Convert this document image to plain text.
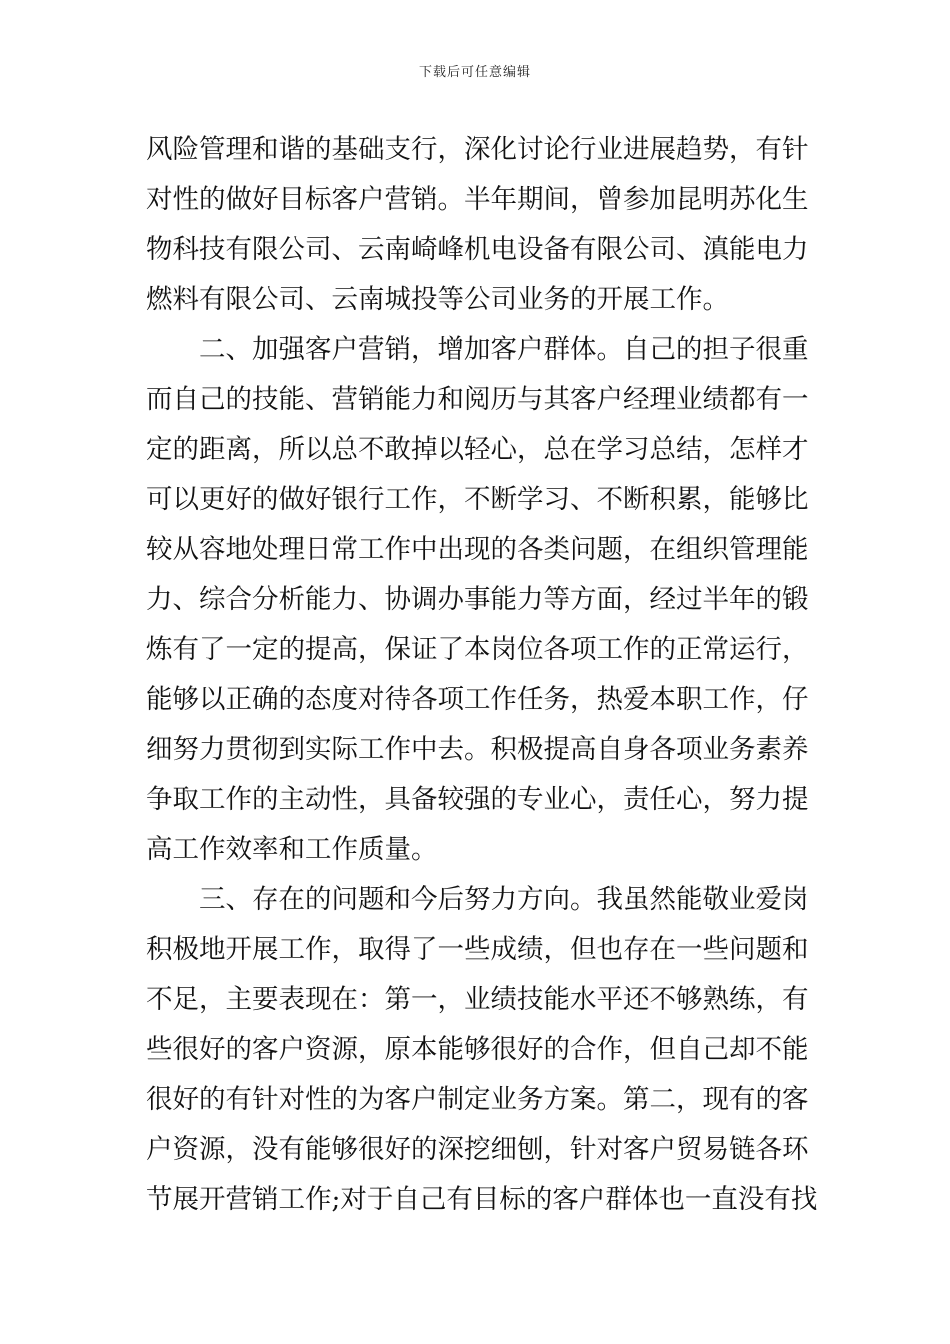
下载后可任意编辑
风险管理和谐的基础支行，深化讨论行业进展趋势，有针
对性的做好目标客户营销。半年期间，曾参加昆明苏化生
物科技有限公司、云南崎峰机电设备有限公司、滇能电力
燃料有限公司、云南城投等公司业务的开展工作。
二、加强客户营销，增加客户群体。自己的担子很重
而自己的技能、营销能力和阅历与其客户经理业绩都有一
定的距离，所以总不敢掉以轻心，总在学习总结，怎样才
可以更好的做好银行工作，不断学习、不断积累，能够比
较从容地处理日常工作中出现的各类问题，在组织管理能
力、综合分析能力、协调办事能力等方面，经过半年的锻
炼有了一定的提高，保证了本岗位各项工作的正常运行，
能够以正确的态度对待各项工作任务，热爱本职工作，仔
细努力贯彻到实际工作中去。积极提高自身各项业务素养
争取工作的主动性，具备较强的专业心，责任心，努力提
高工作效率和工作质量。
三、存在的问题和今后努力方向。我虽然能敬业爱岗
积极地开展工作，取得了一些成绩，但也存在一些问题和
不足，主要表现在：第一，业绩技能水平还不够熟练，有
些很好的客户资源，原本能够很好的合作，但自己却不能
很好的有针对性的为客户制定业务方案。第二，现有的客
户资源，没有能够很好的深挖细刨，针对客户贸易链各环
节展开营销工作;对于自己有目标的客户群体也一直没有找
